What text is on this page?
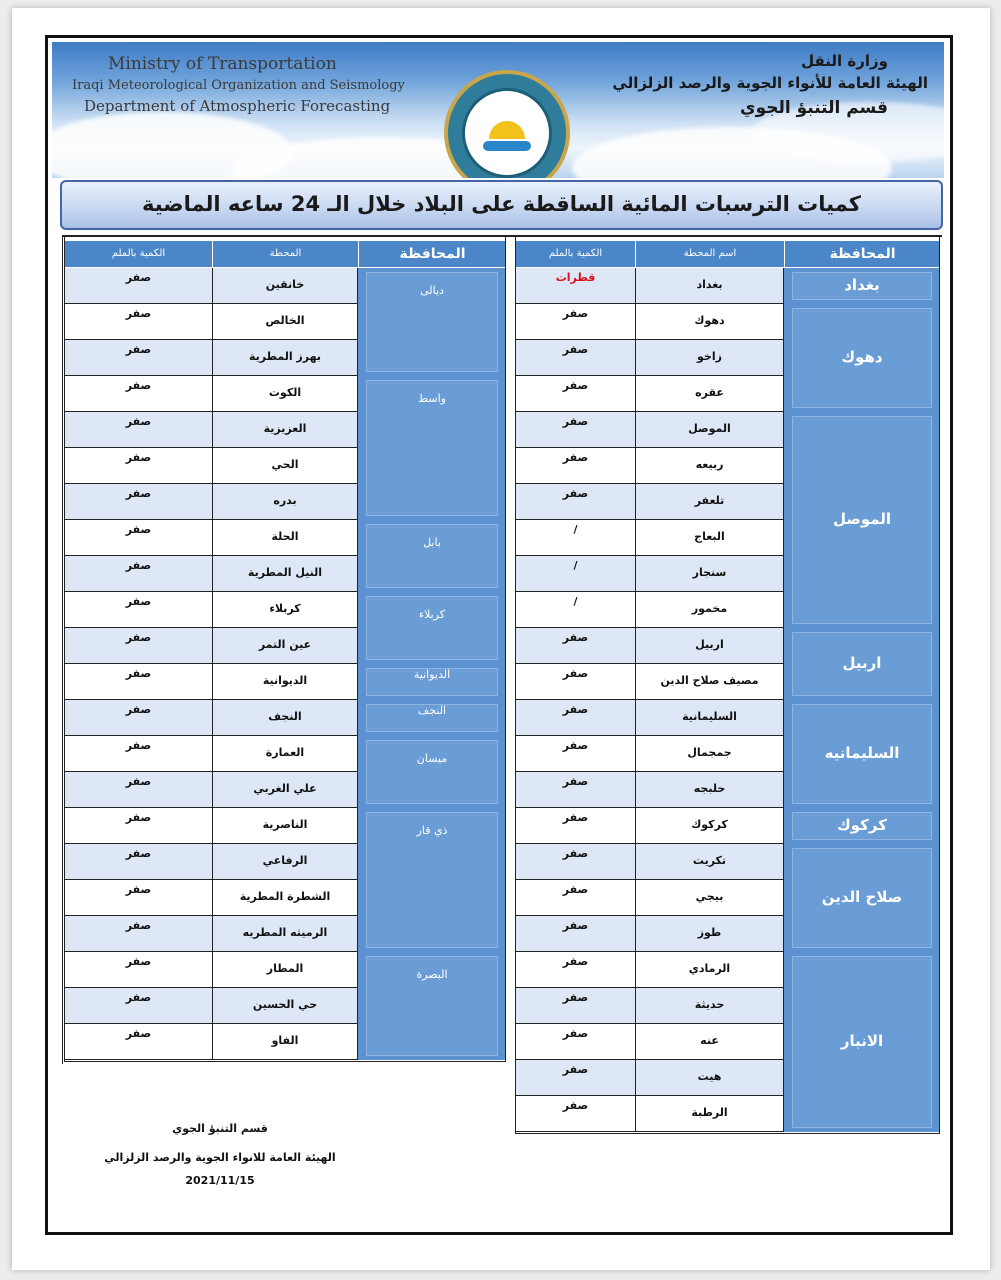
Ministry of Transportation
Iraqi Meteorological Organization and Seismology
Department of Atmospheric Forecasting
وزارة النقل
الهيئة العامة للأنواء الجوية والرصد الزلزالي
قسم التنبؤ الجوي
كميات الترسبات المائية الساقطة على البلاد خلال الـ 24 ساعه الماضية
المحافظة
اسم المحطة
الكمية بالملم
المحافظة
المحطة
الكمية بالملم
بغداد
دهوك
الموصل
اربيل
السليمانيه
كركوك
صلاح الدين
الانبار
بغداد
قطرات
دهوك
صفر
زاخو
صفر
عقره
صفر
الموصل
صفر
ربيعه
صفر
تلعفر
صفر
البعاج
/
سنجار
/
مخمور
/
اربيل
صفر
مصيف صلاح الدين
صفر
السليمانية
صفر
جمجمال
صفر
حلبجه
صفر
كركوك
صفر
تكريت
صفر
بيجي
صفر
طوز
صفر
الرمادي
صفر
حديثة
صفر
عنه
صفر
هيت
صفر
الرطبة
صفر
ديالى
واسط
بابل
كربلاء
الديوانية
النجف
ميسان
ذي قار
البصرة
خانقين
صفر
الخالص
صفر
بهرز المطرية
صفر
الكوت
صفر
العزيزية
صفر
الحي
صفر
بدره
صفر
الحلة
صفر
النيل المطرية
صفر
كربلاء
صفر
عين التمر
صفر
الديوانية
صفر
النجف
صفر
العمارة
صفر
علي الغربي
صفر
الناصرية
صفر
الرفاعي
صفر
الشطرة المطرية
صفر
الرميثه المطريه
صفر
المطار
صفر
حي الحسين
صفر
الفاو
صفر
قسم التنبؤ الجوي
الهيئة العامة للانواء الجوية والرصد الزلزالي
2021/11/15
